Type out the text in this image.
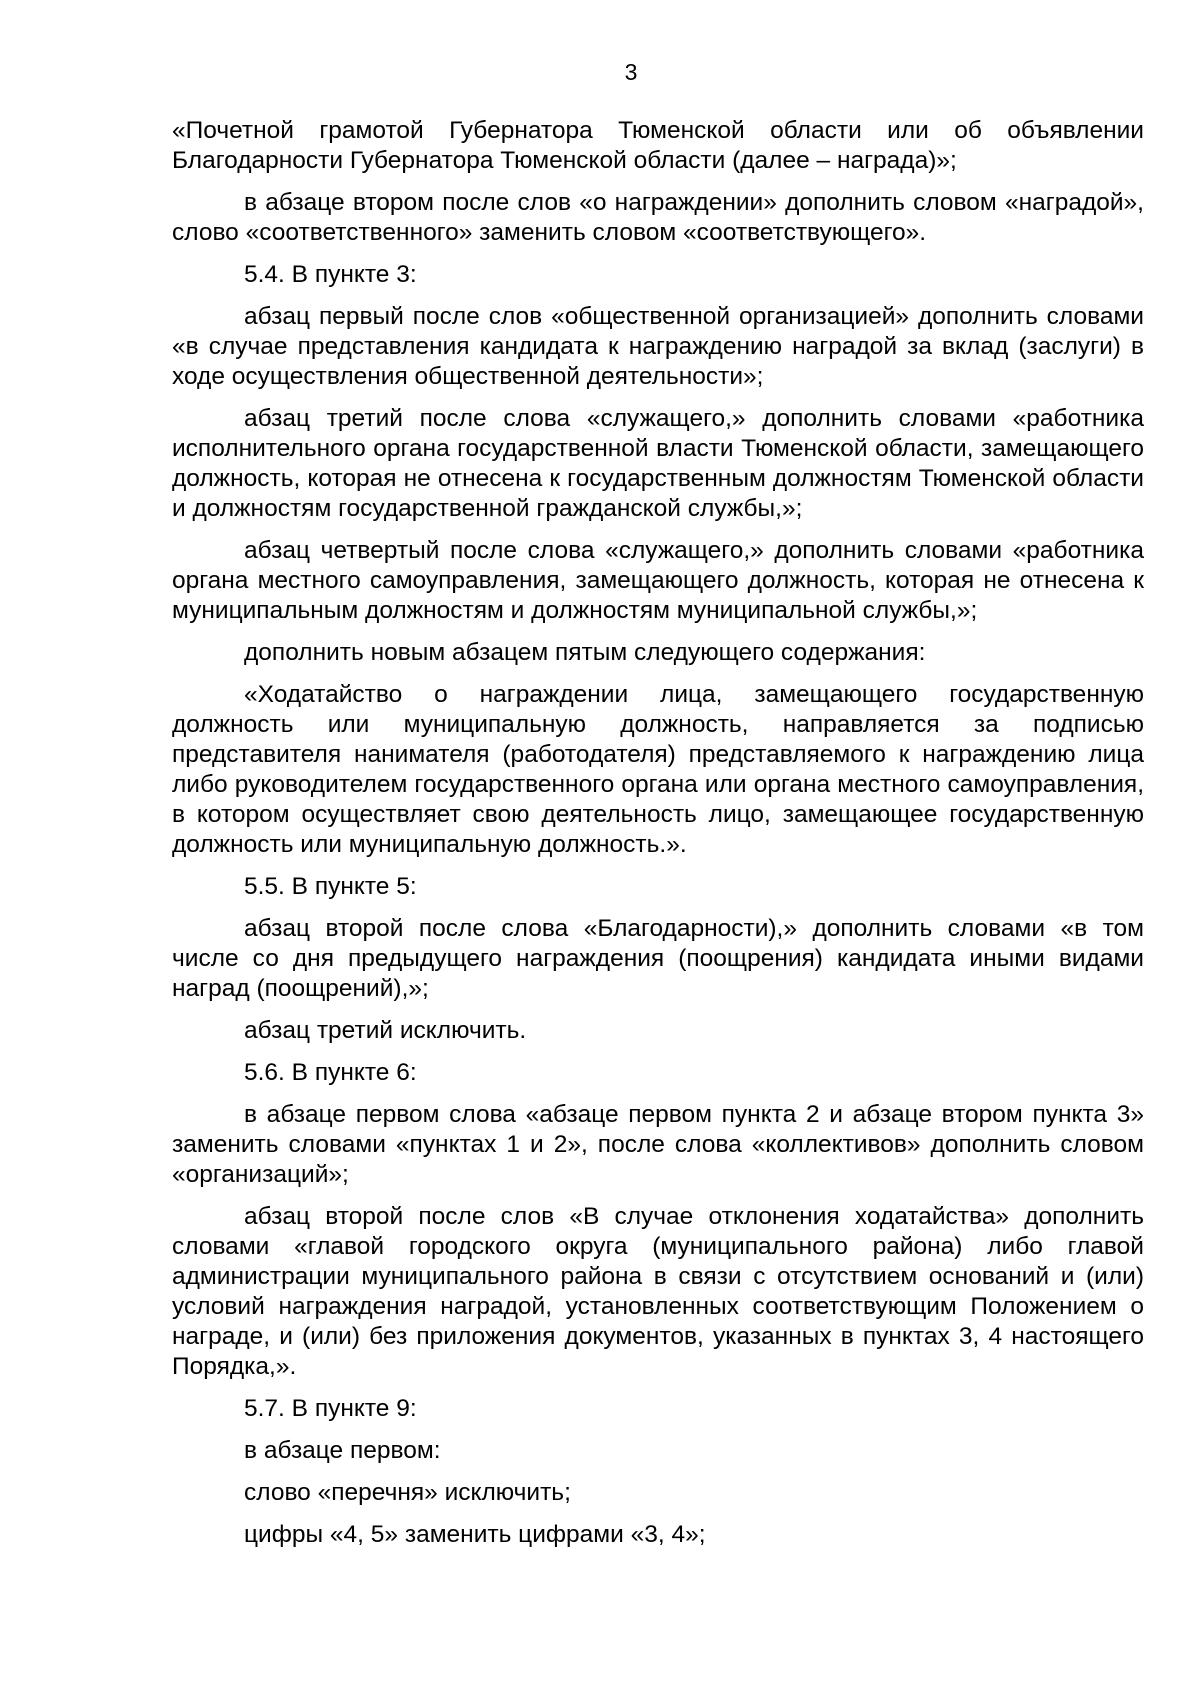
3

«Почетной грамотой Губернатора Тюменской области или об объявлении Благодарности Губернатора Тюменской области (далее – награда)»;

в абзаце втором после слов «о награждении» дополнить словом «наградой», слово «соответственного» заменить словом «соответствующего».

5.4. В пункте 3:

абзац первый после слов «общественной организацией» дополнить словами «в случае представления кандидата к награждению наградой за вклад (заслуги) в ходе осуществления общественной деятельности»;

абзац третий после слова «служащего,» дополнить словами «работника исполнительного органа государственной власти Тюменской области, замещающего должность, которая не отнесена к государственным должностям Тюменской области и должностям государственной гражданской службы,»;

абзац четвертый после слова «служащего,» дополнить словами «работника органа местного самоуправления, замещающего должность, которая не отнесена к муниципальным должностям и должностям муниципальной службы,»;

дополнить новым абзацем пятым следующего содержания:

«Ходатайство о награждении лица, замещающего государственную должность или муниципальную должность, направляется за подписью представителя нанимателя (работодателя) представляемого к награждению лица либо руководителем государственного органа или органа местного самоуправления, в котором осуществляет свою деятельность лицо, замещающее государственную должность или муниципальную должность.».

5.5. В пункте 5:

абзац второй после слова «Благодарности),» дополнить словами «в том числе со дня предыдущего награждения (поощрения) кандидата иными видами наград (поощрений),»;

абзац третий исключить.

5.6. В пункте 6:

в абзаце первом слова «абзаце первом пункта 2 и абзаце втором пункта 3» заменить словами «пунктах 1 и 2», после слова «коллективов» дополнить словом «организаций»;

абзац второй после слов «В случае отклонения ходатайства» дополнить словами «главой городского округа (муниципального района) либо главой администрации муниципального района в связи с отсутствием оснований и (или) условий награждения наградой, установленных соответствующим Положением о награде, и (или) без приложения документов, указанных в пунктах 3, 4 настоящего Порядка,».

5.7. В пункте 9:

в абзаце первом:

слово «перечня» исключить;

цифры «4, 5» заменить цифрами «3, 4»;
